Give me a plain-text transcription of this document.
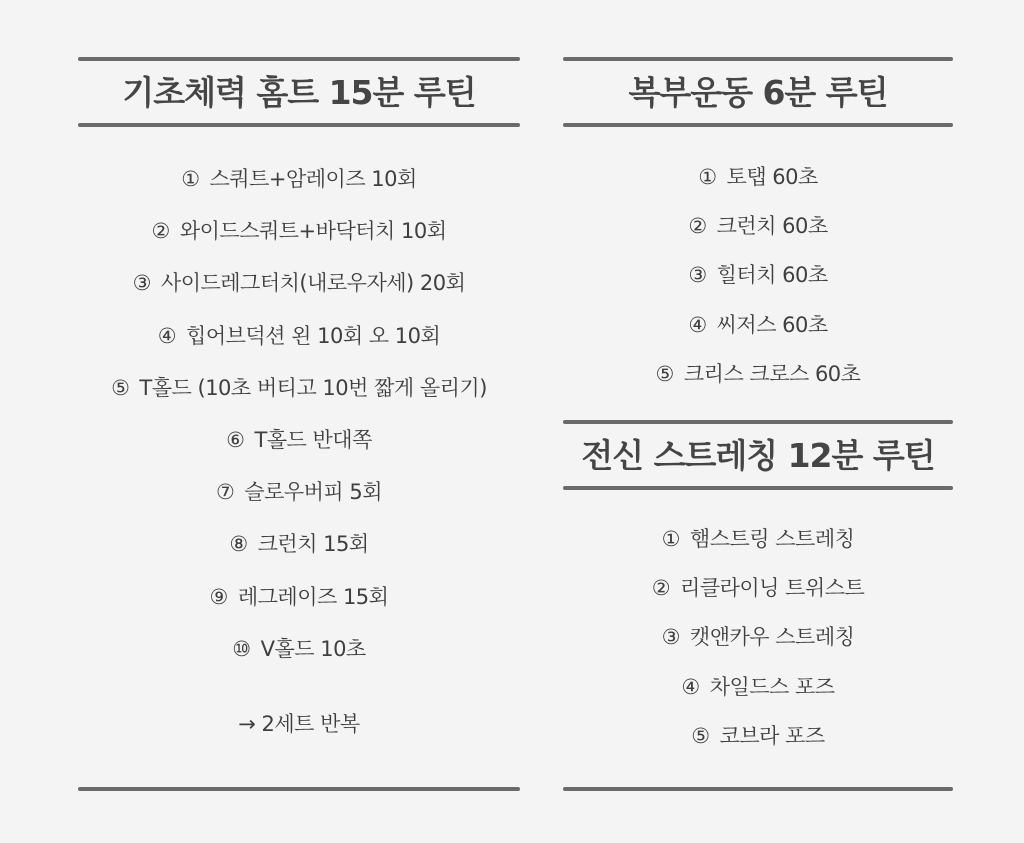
기초체력 홈트 15분 루틴
① 스쿼트+암레이즈 10회
② 와이드스쿼트+바닥터치 10회
③ 사이드레그터치(내로우자세) 20회
④ 힙어브덕션 왼 10회 오 10회
⑤ T홀드 (10초 버티고 10번 짧게 올리기)
⑥ T홀드 반대쪽
⑦ 슬로우버피 5회
⑧ 크런치 15회
⑨ 레그레이즈 15회
⑩ V홀드 10초
→ 2세트 반복
복부운동 6분 루틴
① 토탭 60초
② 크런치 60초
③ 힐터치 60초
④ 씨저스 60초
⑤ 크리스 크로스 60초
전신 스트레칭 12분 루틴
① 햄스트링 스트레칭
② 리클라이닝 트위스트
③ 캣앤카우 스트레칭
④ 차일드스 포즈
⑤ 코브라 포즈
